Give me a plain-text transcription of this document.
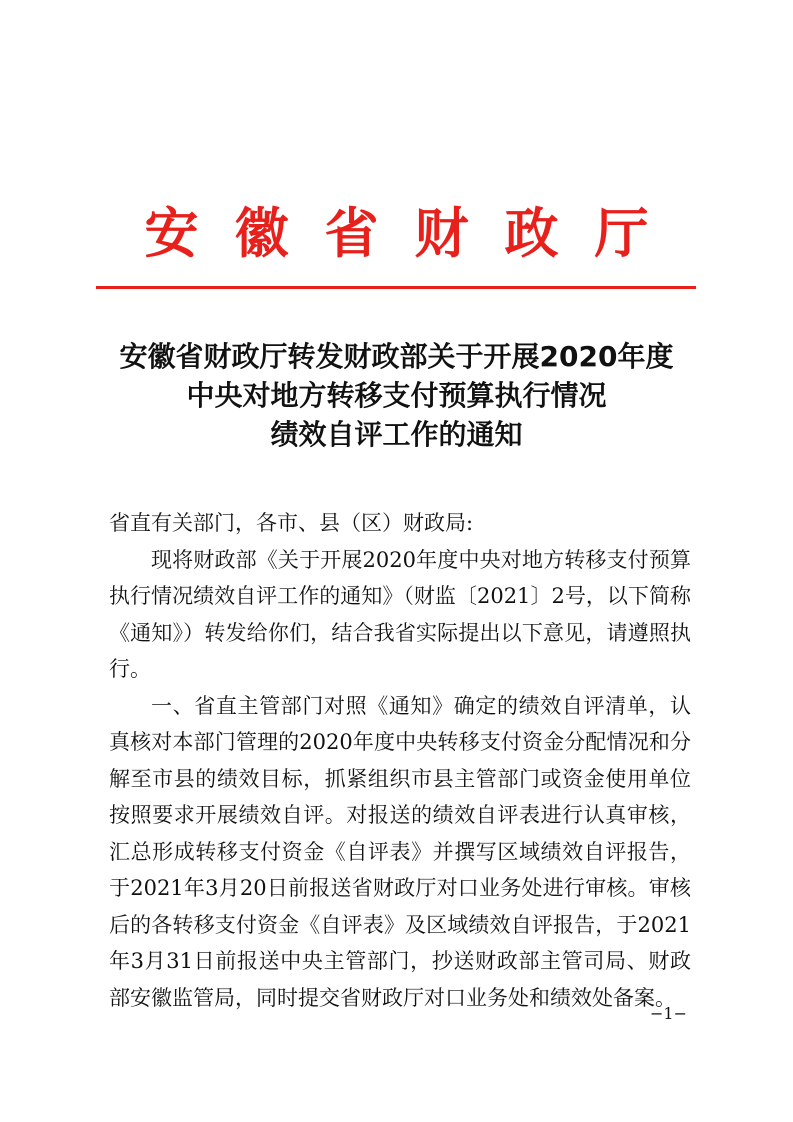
安徽省财政厅
安徽省财政厅转发财政部关于开展2020年度
中央对地方转移支付预算执行情况
绩效自评工作的通知
省直有关部门，各市、县（区）财政局:
现将财政部《关于开展2020年度中央对地方转移支付预算执行情况绩效自评工作的通知》（财监〔2021〕2号，以下简称《通知》）转发给你们，结合我省实际提出以下意见，请遵照执行。
一、省直主管部门对照《通知》确定的绩效自评清单，认真核对本部门管理的2020年度中央转移支付资金分配情况和分解至市县的绩效目标，抓紧组织市县主管部门或资金使用单位按照要求开展绩效自评。对报送的绩效自评表进行认真审核，汇总形成转移支付资金《自评表》并撰写区域绩效自评报告，于2021年3月20日前报送省财政厅对口业务处进行审核。审核后的各转移支付资金《自评表》及区域绩效自评报告，于2021年3月31日前报送中央主管部门，抄送财政部主管司局、财政部安徽监管局，同时提交省财政厅对口业务处和绩效处备案。
−1−
